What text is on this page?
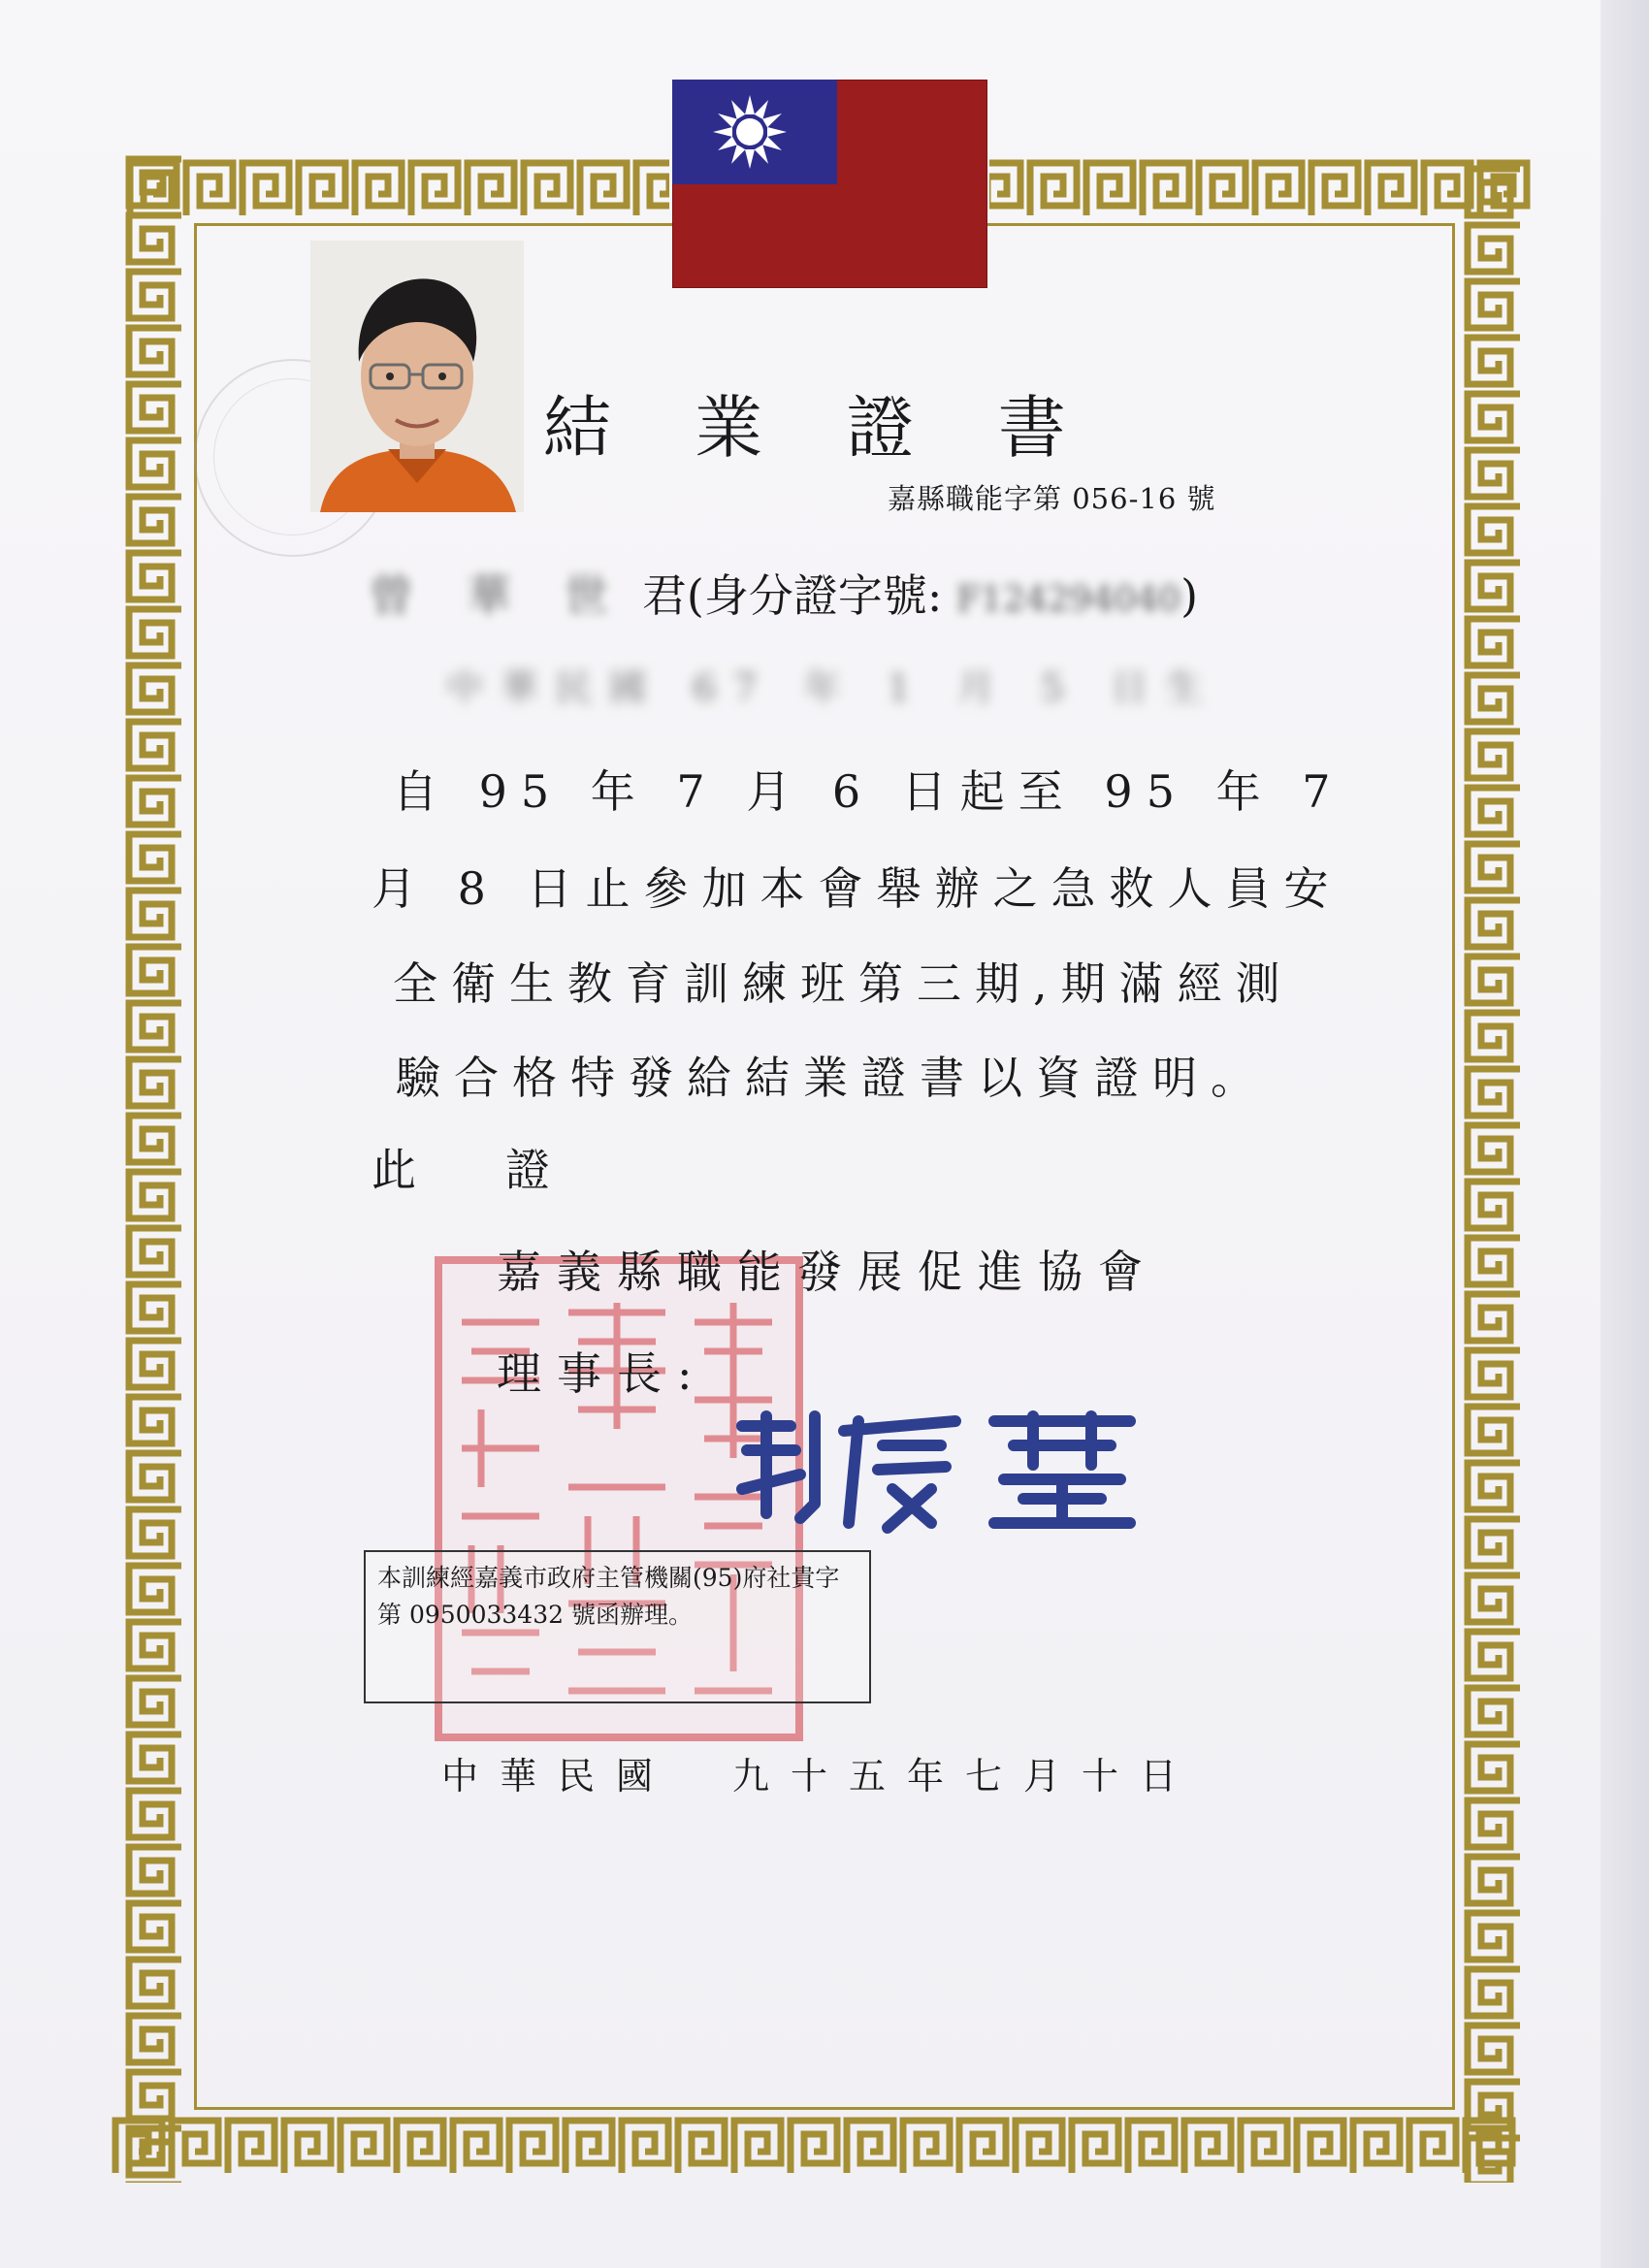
結 業 證 書
嘉縣職能字第 056-16 號
曾 華 世 君(身分證字號: F124294040)
中華民國 67 年 1 月 5 日生
自 95 年 7 月 6 日起至 95 年 7
月 8 日止參加本會舉辦之急救人員安
全衛生教育訓練班第三期,期滿經測
驗合格特發給結業證書以資證明。
此　　證
嘉義縣職能發展促進協會
理事長:
本訓練經嘉義市政府主管機關(95)府社貴字第 0950033432 號函辦理。
中華民國　九十五年七月十日
